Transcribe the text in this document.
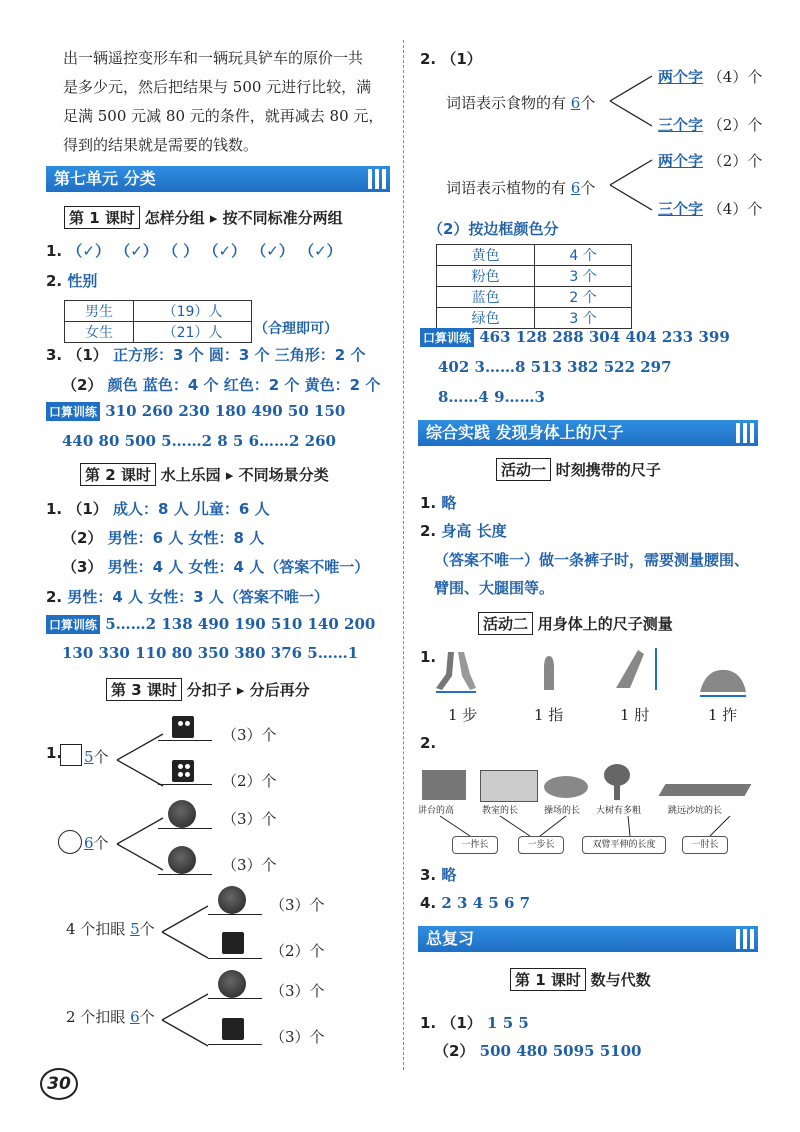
出一辆遥控变形车和一辆玩具铲车的原价一共
是多少元，然后把结果与 500 元进行比较，满
足满 500 元减 80 元的条件，就再减去 80 元，
得到的结果就是需要的钱数。
第七单元 分类
第 1 课时 怎样分组 ▸ 按不同标准分两组
1. （✓） （✓） （ ） （✓） （✓） （✓）
2. 性别
男生	（19）人
女生	（21）人 （合理即可）
3. （1） 正方形：3 个 圆：3 个 三角形：2 个
（2） 颜色 蓝色：4 个 红色：2 个 黄色：2 个
口算训练 310 260 230 180 490 50 150
440 80 500 5……2 8 5 6……2 260
第 2 课时 水上乐园 ▸ 不同场景分类
1. （1） 成人：8 人 儿童：6 人
（2） 男性：6 人 女性：8 人
（3） 男性：4 人 女性：4 人（答案不唯一）
2. 男性：4 人 女性：3 人（答案不唯一）
口算训练 5……2 138 490 190 510 140 200
130 330 110 80 350 380 376 5……1
第 3 课时 分扣子 ▸ 分后再分
1. 5个
（3）个
（2）个
6个
（3）个
（3）个
4 个扣眼 5个
（3）个
（2）个
2 个扣眼 6个
（3）个
（3）个
30
2. （1）
词语表示食物的有 6个
两个字 （4）个
三个字 （2）个
词语表示植物的有 6个
两个字 （2）个
三个字 （4）个
（2）按边框颜色分
黄色	4 个
粉色	3 个
蓝色	2 个
绿色	3 个
口算训练 463 128 288 304 404 233 399
402 3……8 513 382 522 297
8……4 9……3
综合实践 发现身体上的尺子
活动一 时刻携带的尺子
1. 略
2. 身高 长度
（答案不唯一）做一条裤子时，需要测量腰围、
臂围、大腿围等。
活动二 用身体上的尺子测量
1.
1 步	1 指	1 肘	1 拃
2.
讲台的高	教室的长	操场的长 大树有多粗	跳远沙坑的长
一拃长	一步长	双臂平伸的长度	一肘长
3. 略
4. 2 3 4 5 6 7
总复习
第 1 课时 数与代数
1. （1） 1 5 5
（2） 500 480 5095 5100
